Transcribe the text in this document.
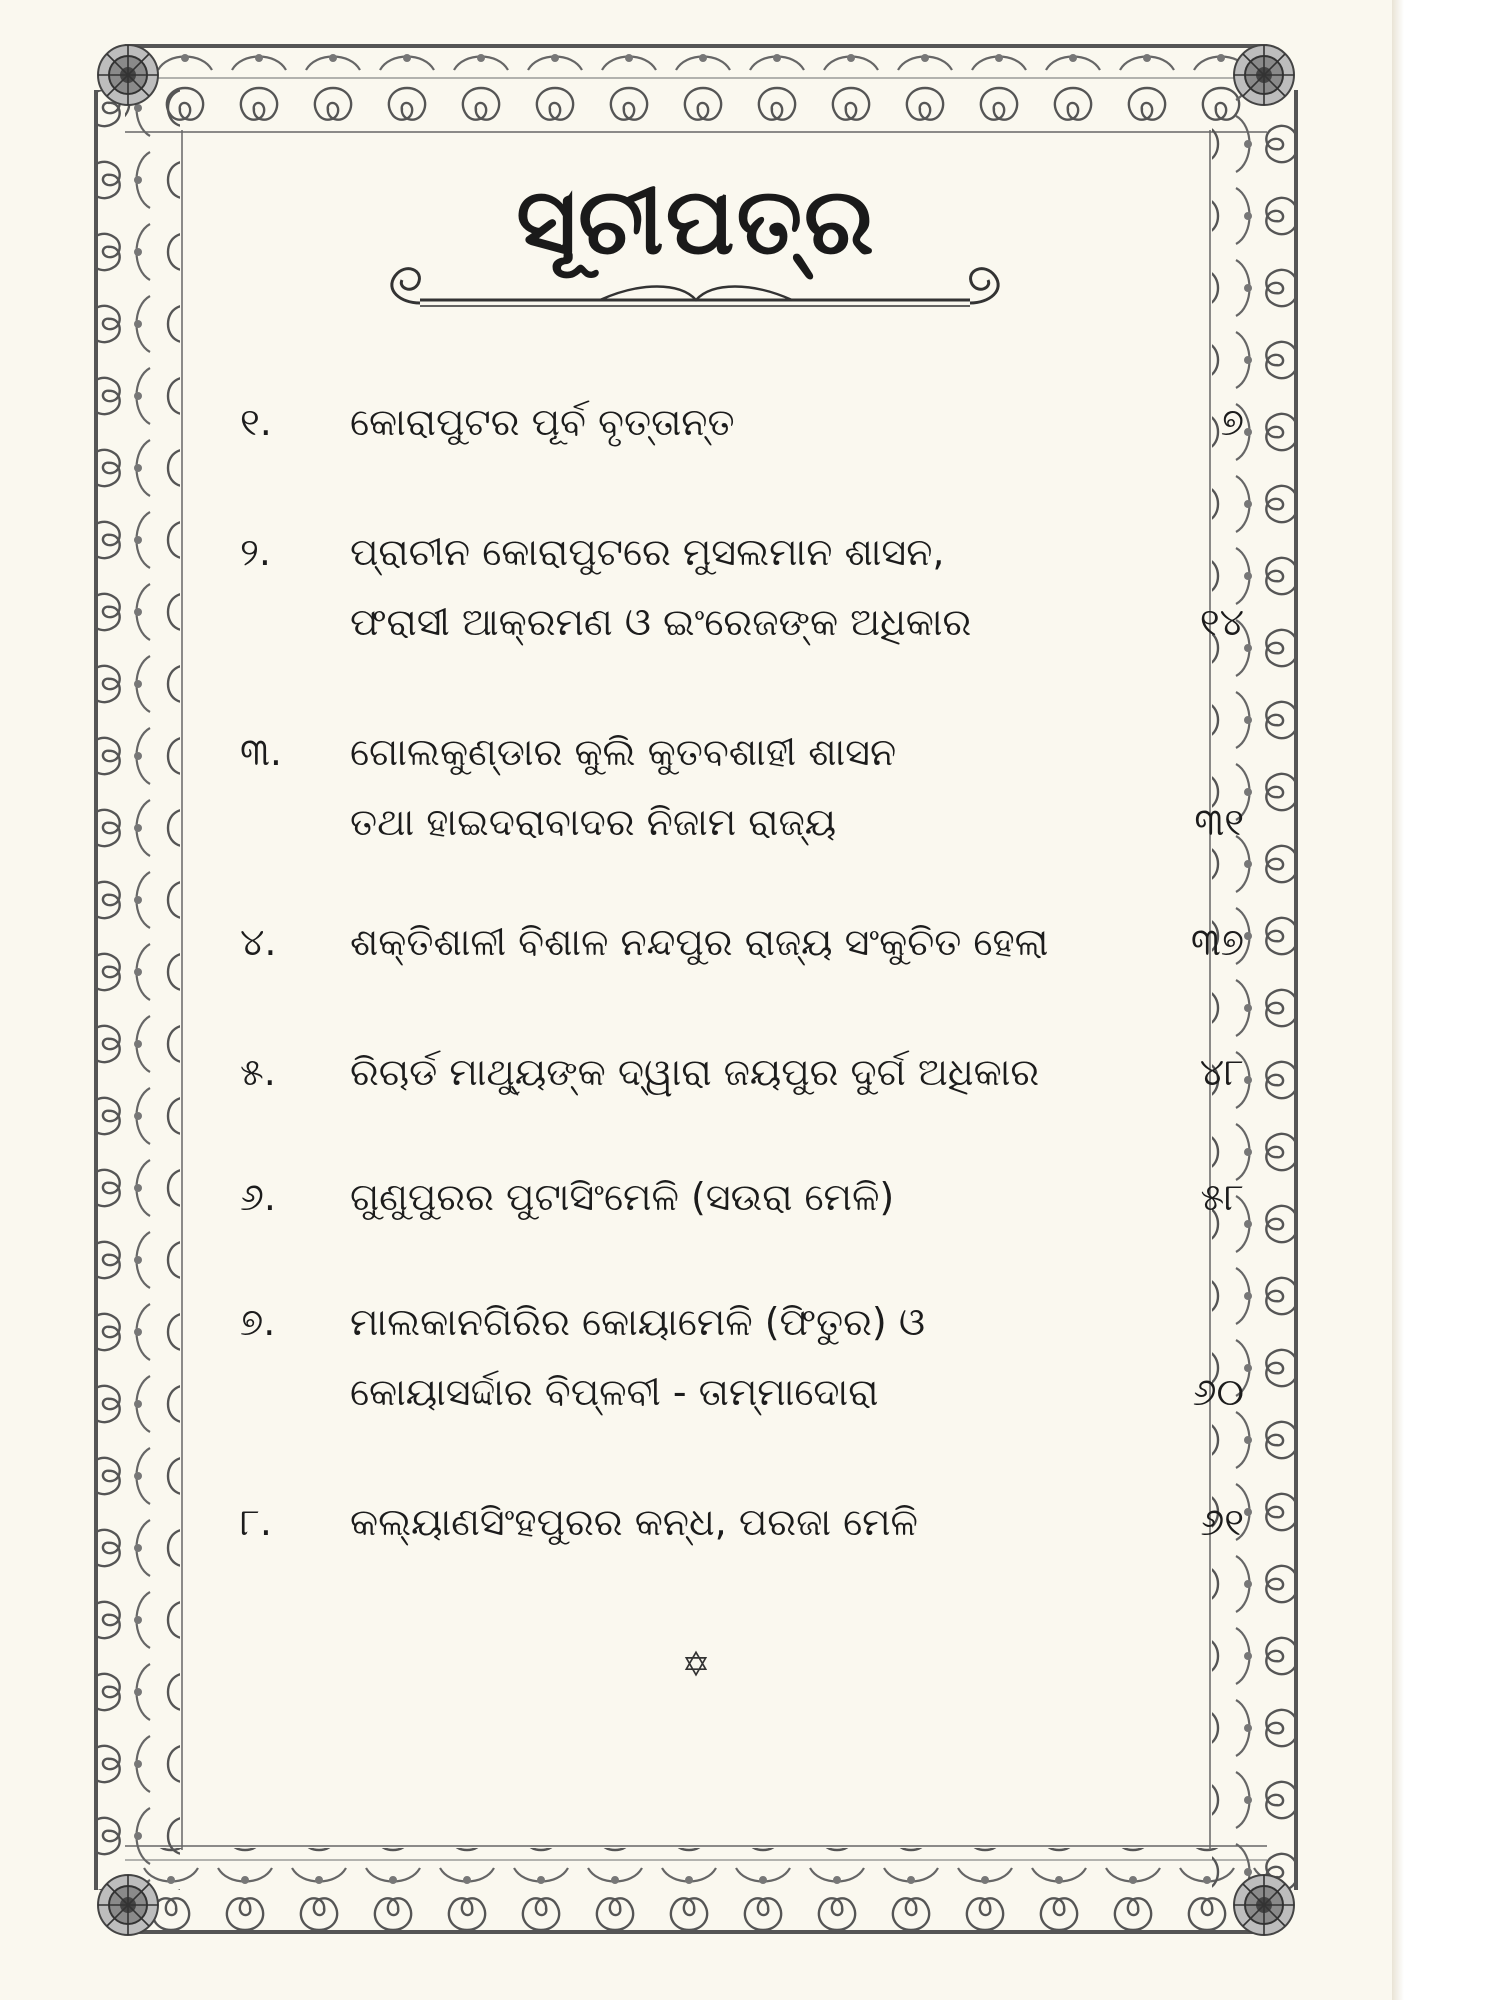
ସୂଚୀପତ୍ର
୧. କୋରାପୁଟର ପୂର୍ବ ବୃତ୍ତାନ୍ତ	୭
୨. ପ୍ରାଚୀନ କୋରାପୁଟରେ ମୁସଲମାନ ଶାସନ,
ଫରାସୀ ଆକ୍ରମଣ ଓ ଇଂରେଜଙ୍କ ଅଧିକାର	୧୪
୩. ଗୋଲକୁଣ୍ଡାର କୁଲି କୁତବଶାହୀ ଶାସନ
ତଥା ହାଇଦରାବାଦର ନିଜାମ ରାଜ୍ୟ	୩୧
୪. ଶକ୍ତିଶାଳୀ ବିଶାଳ ନନ୍ଦପୁର ରାଜ୍ୟ ସଂକୁଚିତ ହେଲା	୩୭
୫. ରିଚାର୍ଡ ମାଥ୍ୟୁଙ୍କ ଦ୍ୱାରା ଜୟପୁର ଦୁର୍ଗ ଅଧିକାର	୪୮
୬. ଗୁଣୁପୁରର ପୁଟାସିଂମେଳି (ସଉରା ମେଳି)	୫୮
୭. ମାଲକାନଗିରିର କୋୟାମେଳି (ଫିତୁର) ଓ
କୋୟାସର୍ଦ୍ଦାର ବିପ୍ଳବୀ - ତାମ୍ମାଦୋରା	୬୦
୮. କଲ୍ୟାଣସିଂହପୁରର କନ୍ଧ, ପରଜା ମେଳି	୬୧
✡
